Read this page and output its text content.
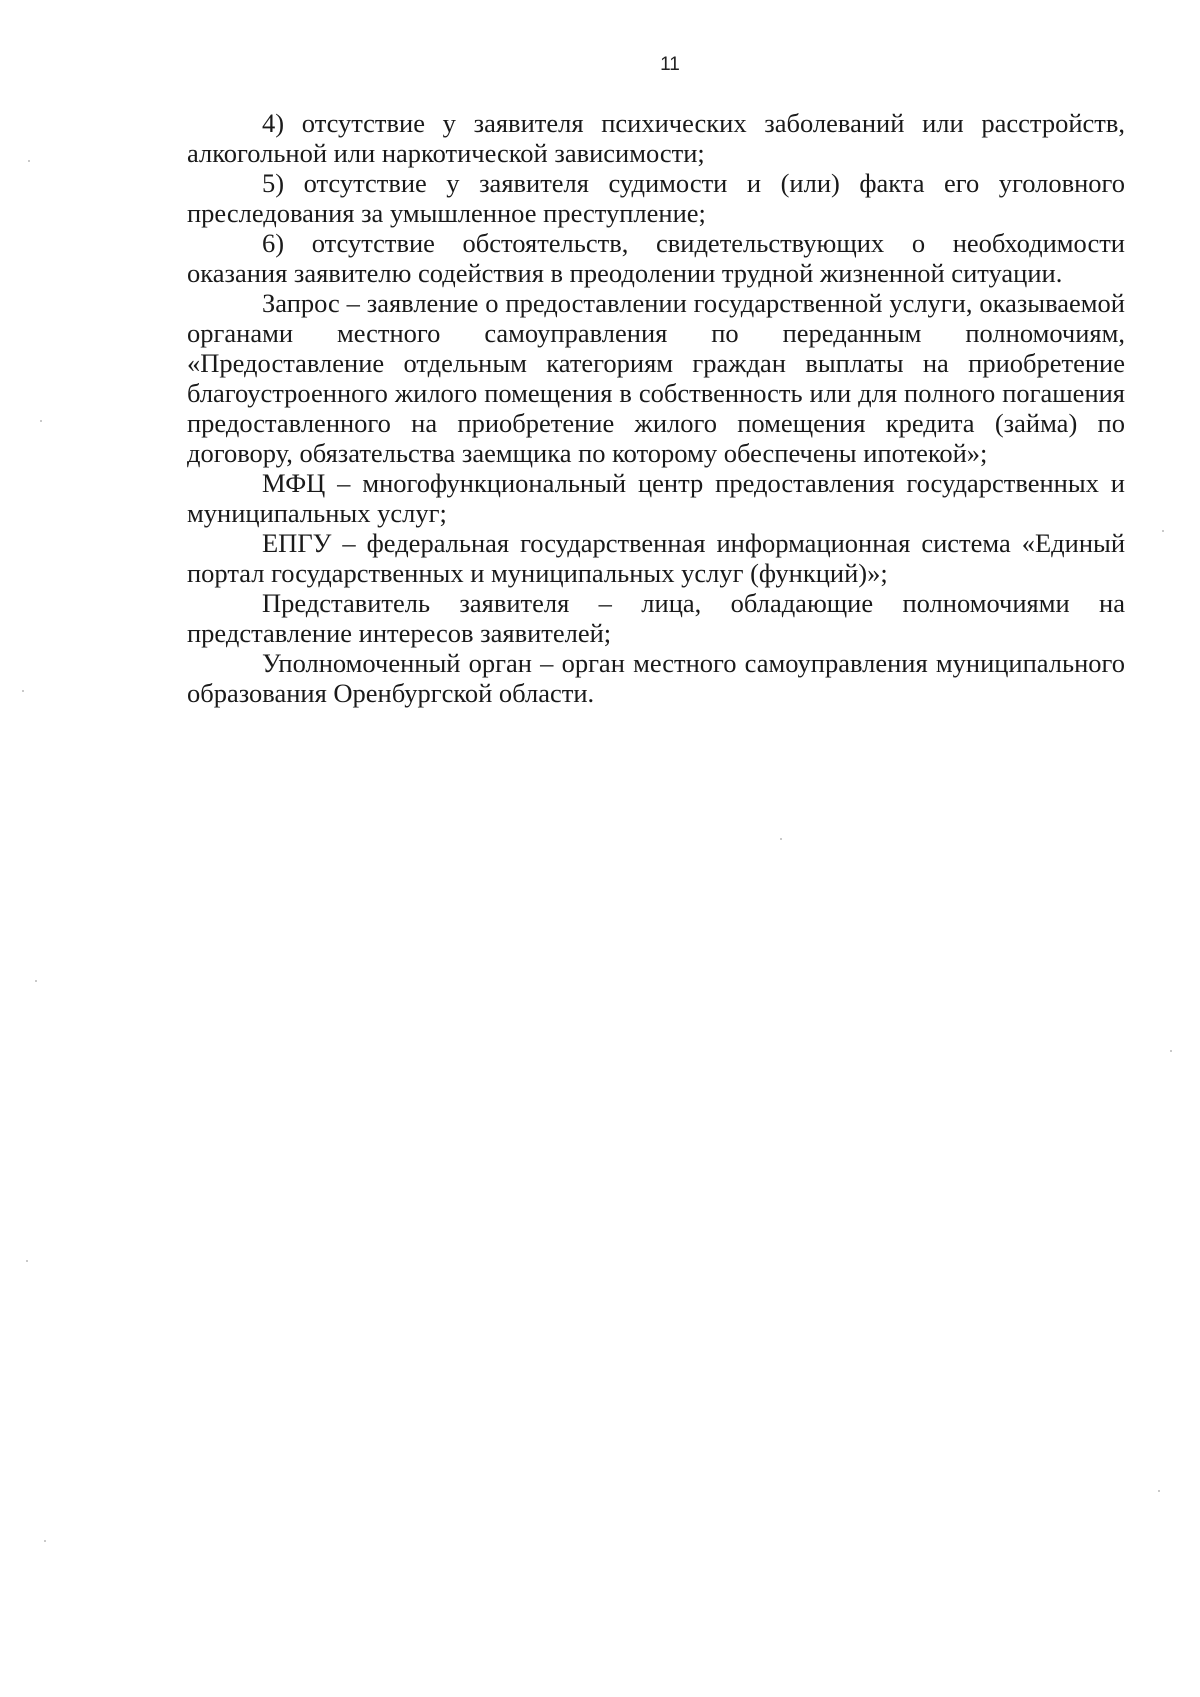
11

4) отсутствие у заявителя психических заболеваний или расстройств, алкогольной или наркотической зависимости;

5) отсутствие у заявителя судимости и (или) факта его уголовного преследования за умышленное преступление;

6) отсутствие обстоятельств, свидетельствующих о необходимости оказания заявителю содействия в преодолении трудной жизненной ситуации.

Запрос – заявление о предоставлении государственной услуги, оказываемой органами местного самоуправления по переданным полномочиям, «Предоставление отдельным категориям граждан выплаты на приобретение благоустроенного жилого помещения в собственность или для полного погашения предоставленного на приобретение жилого помещения кредита (займа) по договору, обязательства заемщика по которому обеспечены ипотекой»;

МФЦ – многофункциональный центр предоставления государственных и муниципальных услуг;

ЕПГУ – федеральная государственная информационная система «Единый портал государственных и муниципальных услуг (функций)»;

Представитель заявителя – лица, обладающие полномочиями на представление интересов заявителей;

Уполномоченный орган – орган местного самоуправления муниципального образования Оренбургской области.
